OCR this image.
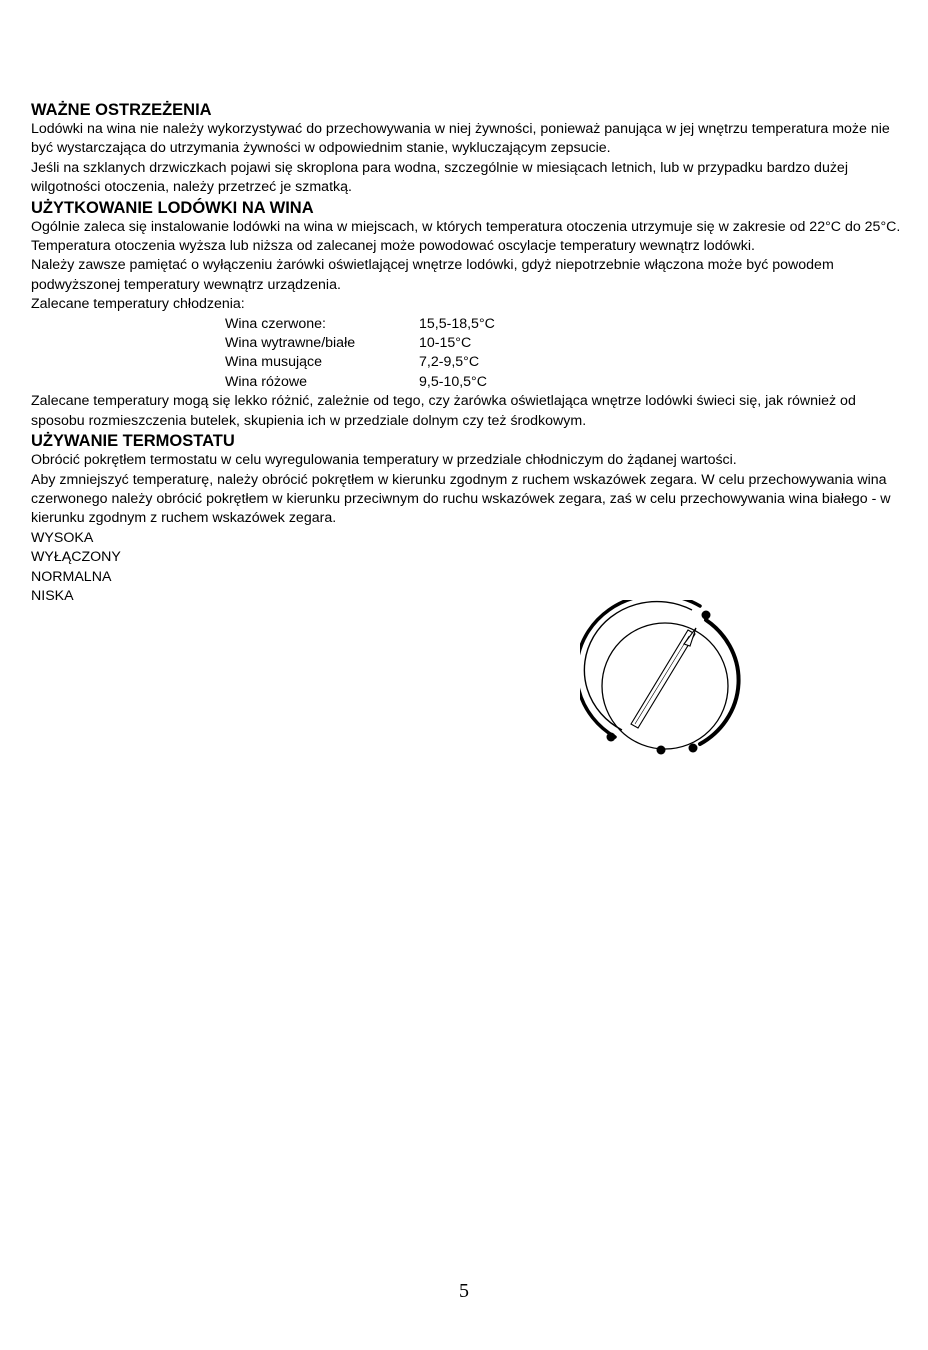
WAŻNE OSTRZEŻENIA

Lodówki na wina nie należy wykorzystywać do przechowywania w niej żywności, ponieważ panująca w jej wnętrzu temperatura może nie być wystarczająca do utrzymania żywności w odpowiednim stanie, wykluczającym zepsucie.

Jeśli na szklanych drzwiczkach pojawi się skroplona para wodna, szczególnie w miesiącach letnich, lub w przypadku bardzo dużej wilgotności otoczenia, należy przetrzeć je szmatką.

UŻYTKOWANIE LODÓWKI NA WINA

Ogólnie zaleca się instalowanie lodówki na wina w miejscach, w których temperatura otoczenia utrzymuje się w zakresie od 22°C do 25°C. Temperatura otoczenia wyższa lub niższa od zalecanej może powodować oscylacje temperatury wewnątrz lodówki.

Należy zawsze pamiętać o wyłączeniu żarówki oświetlającej wnętrze lodówki, gdyż niepotrzebnie włączona może być powodem podwyższonej temperatury wewnątrz urządzenia.

Zalecane temperatury chłodzenia:

Wina czerwone:	15,5-18,5°C
Wina wytrawne/białe	10-15°C
Wina musujące	7,2-9,5°C
Wina różowe	9,5-10,5°C

Zalecane temperatury mogą się lekko różnić, zależnie od tego, czy żarówka oświetlająca wnętrze lodówki świeci się, jak również od sposobu rozmieszczenia butelek, skupienia ich w przedziale dolnym czy też środkowym.

UŻYWANIE TERMOSTATU

Obrócić pokrętłem termostatu w celu wyregulowania temperatury w przedziale chłodniczym do żądanej wartości.

Aby zmniejszyć temperaturę, należy obrócić pokrętłem w kierunku zgodnym z ruchem wskazówek zegara. W celu przechowywania wina czerwonego należy obrócić pokrętłem w kierunku przeciwnym do ruchu wskazówek zegara, zaś w celu przechowywania wina białego - w kierunku zgodnym z ruchem wskazówek zegara.

WYSOKA
WYŁĄCZONY
NORMALNA
NISKA
5
